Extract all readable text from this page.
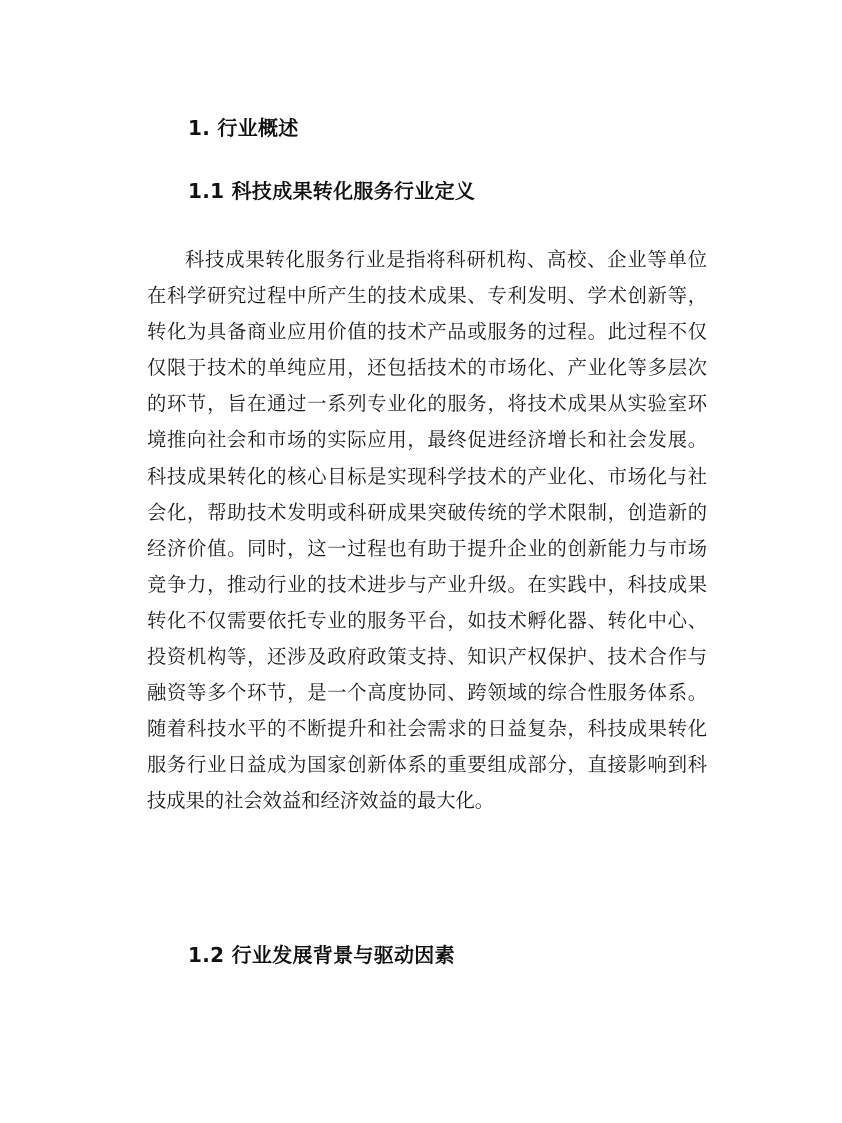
1. 行业概述
1.1 科技成果转化服务行业定义
科技成果转化服务行业是指将科研机构、高校、企业等单位
在科学研究过程中所产生的技术成果、专利发明、学术创新等，
转化为具备商业应用价值的技术产品或服务的过程。此过程不仅
仅限于技术的单纯应用，还包括技术的市场化、产业化等多层次
的环节，旨在通过一系列专业化的服务，将技术成果从实验室环
境推向社会和市场的实际应用，最终促进经济增长和社会发展。
科技成果转化的核心目标是实现科学技术的产业化、市场化与社
会化，帮助技术发明或科研成果突破传统的学术限制，创造新的
经济价值。同时，这一过程也有助于提升企业的创新能力与市场
竞争力，推动行业的技术进步与产业升级。在实践中，科技成果
转化不仅需要依托专业的服务平台，如技术孵化器、转化中心、
投资机构等，还涉及政府政策支持、知识产权保护、技术合作与
融资等多个环节，是一个高度协同、跨领域的综合性服务体系。
随着科技水平的不断提升和社会需求的日益复杂，科技成果转化
服务行业日益成为国家创新体系的重要组成部分，直接影响到科
技成果的社会效益和经济效益的最大化。
1.2 行业发展背景与驱动因素
